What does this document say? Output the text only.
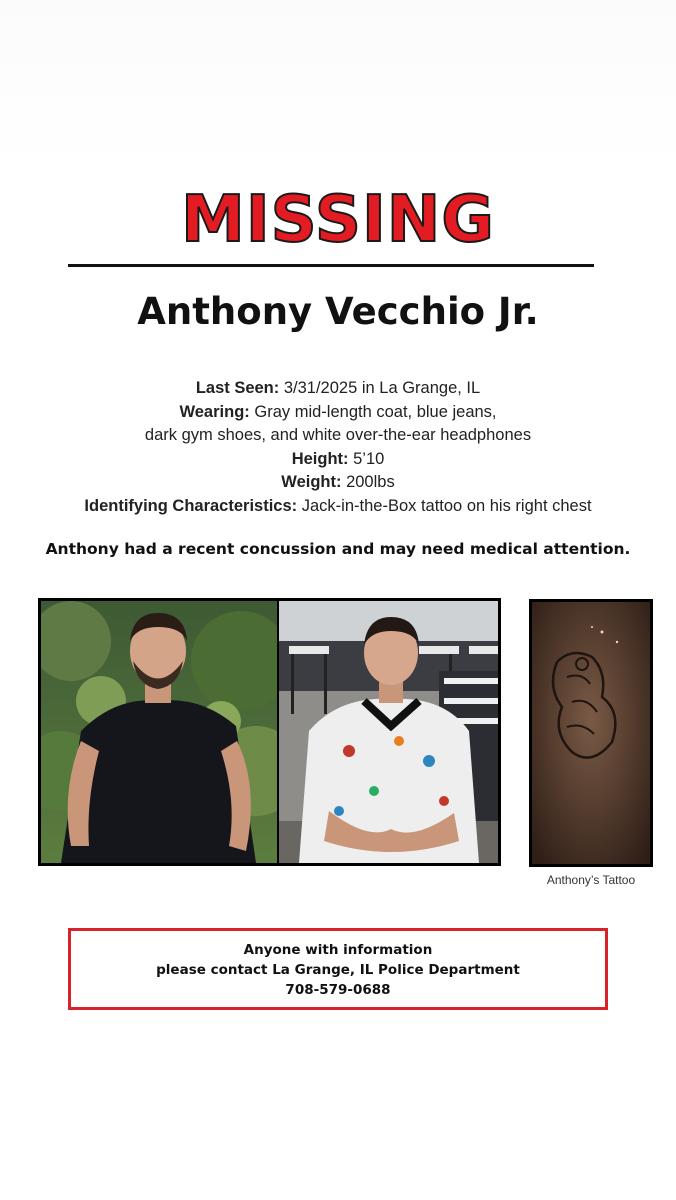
MISSING
Anthony Vecchio Jr.
Last Seen: 3/31/2025 in La Grange, IL
Wearing: Gray mid-length coat, blue jeans,
dark gym shoes, and white over-the-ear headphones
Height: 5’10
Weight: 200lbs
Identifying Characteristics: Jack-in-the-Box tattoo on his right chest
Anthony had a recent concussion and may need medical attention.
Anthony’s Tattoo
Anyone with information
please contact La Grange, IL Police Department
708-579-0688
